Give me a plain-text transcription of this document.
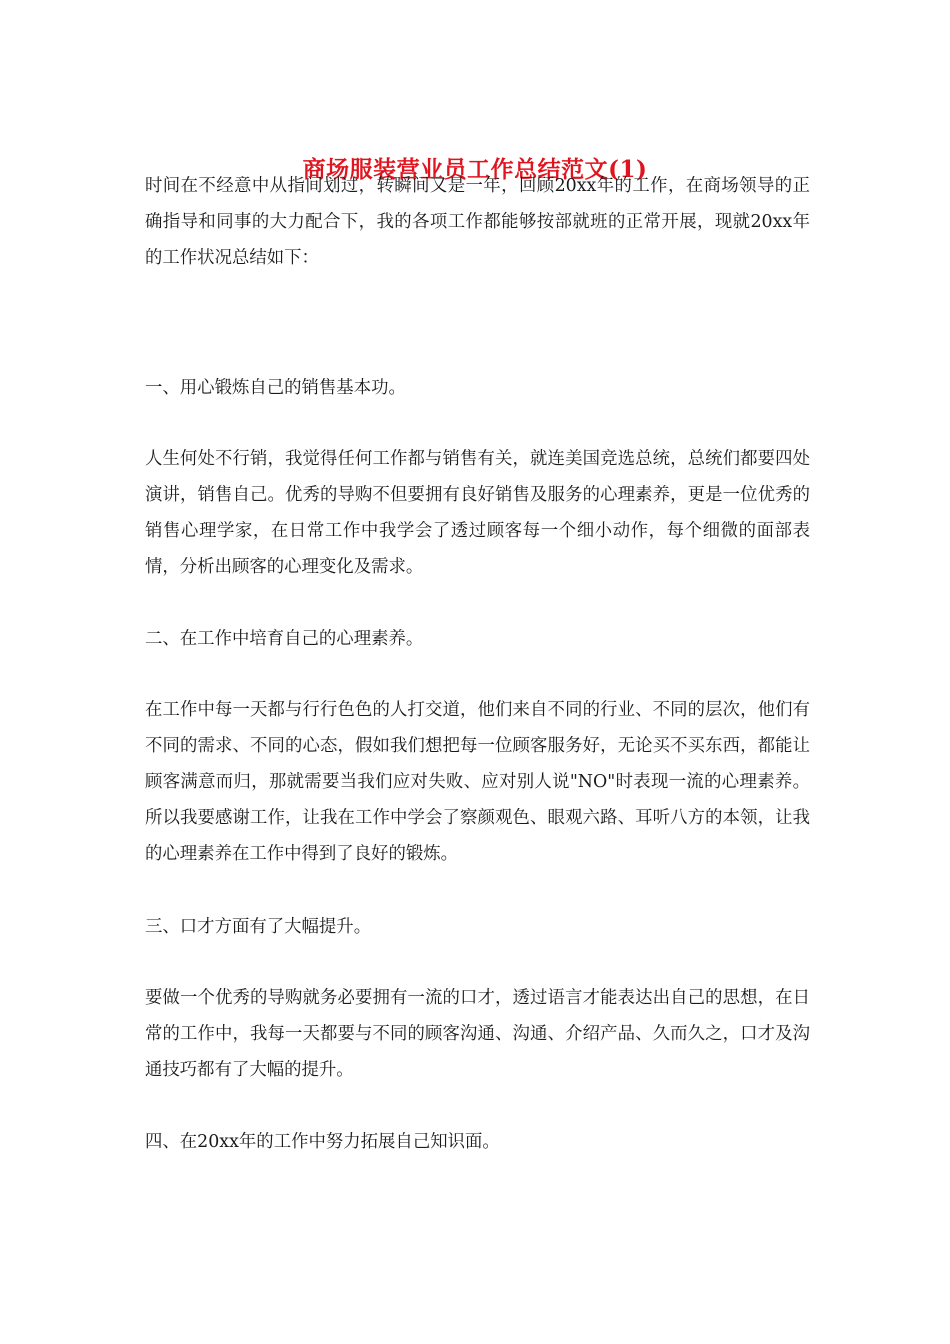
商场服装营业员工作总结范文(1)

时间在不经意中从指间划过，转瞬间又是一年，回顾20xx年的工作，在商场领导的正确指导和同事的大力配合下，我的各项工作都能够按部就班的正常开展，现就20xx年的工作状况总结如下：

一、用心锻炼自己的销售基本功。

人生何处不行销，我觉得任何工作都与销售有关，就连美国竞选总统，总统们都要四处演讲，销售自己。优秀的导购不但要拥有良好销售及服务的心理素养，更是一位优秀的销售心理学家，在日常工作中我学会了透过顾客每一个细小动作，每个细微的面部表情，分析出顾客的心理变化及需求。

二、在工作中培育自己的心理素养。

在工作中每一天都与行行色色的人打交道，他们来自不同的行业、不同的层次，他们有不同的需求、不同的心态，假如我们想把每一位顾客服务好，无论买不买东西，都能让顾客满意而归，那就需要当我们应对失败、应对别人说"NO"时表现一流的心理素养。所以我要感谢工作，让我在工作中学会了察颜观色、眼观六路、耳听八方的本领，让我的心理素养在工作中得到了良好的锻炼。

三、口才方面有了大幅提升。

要做一个优秀的导购就务必要拥有一流的口才，透过语言才能表达出自己的思想，在日常的工作中，我每一天都要与不同的顾客沟通、沟通、介绍产品、久而久之，口才及沟通技巧都有了大幅的提升。

四、在20xx年的工作中努力拓展自己知识面。
